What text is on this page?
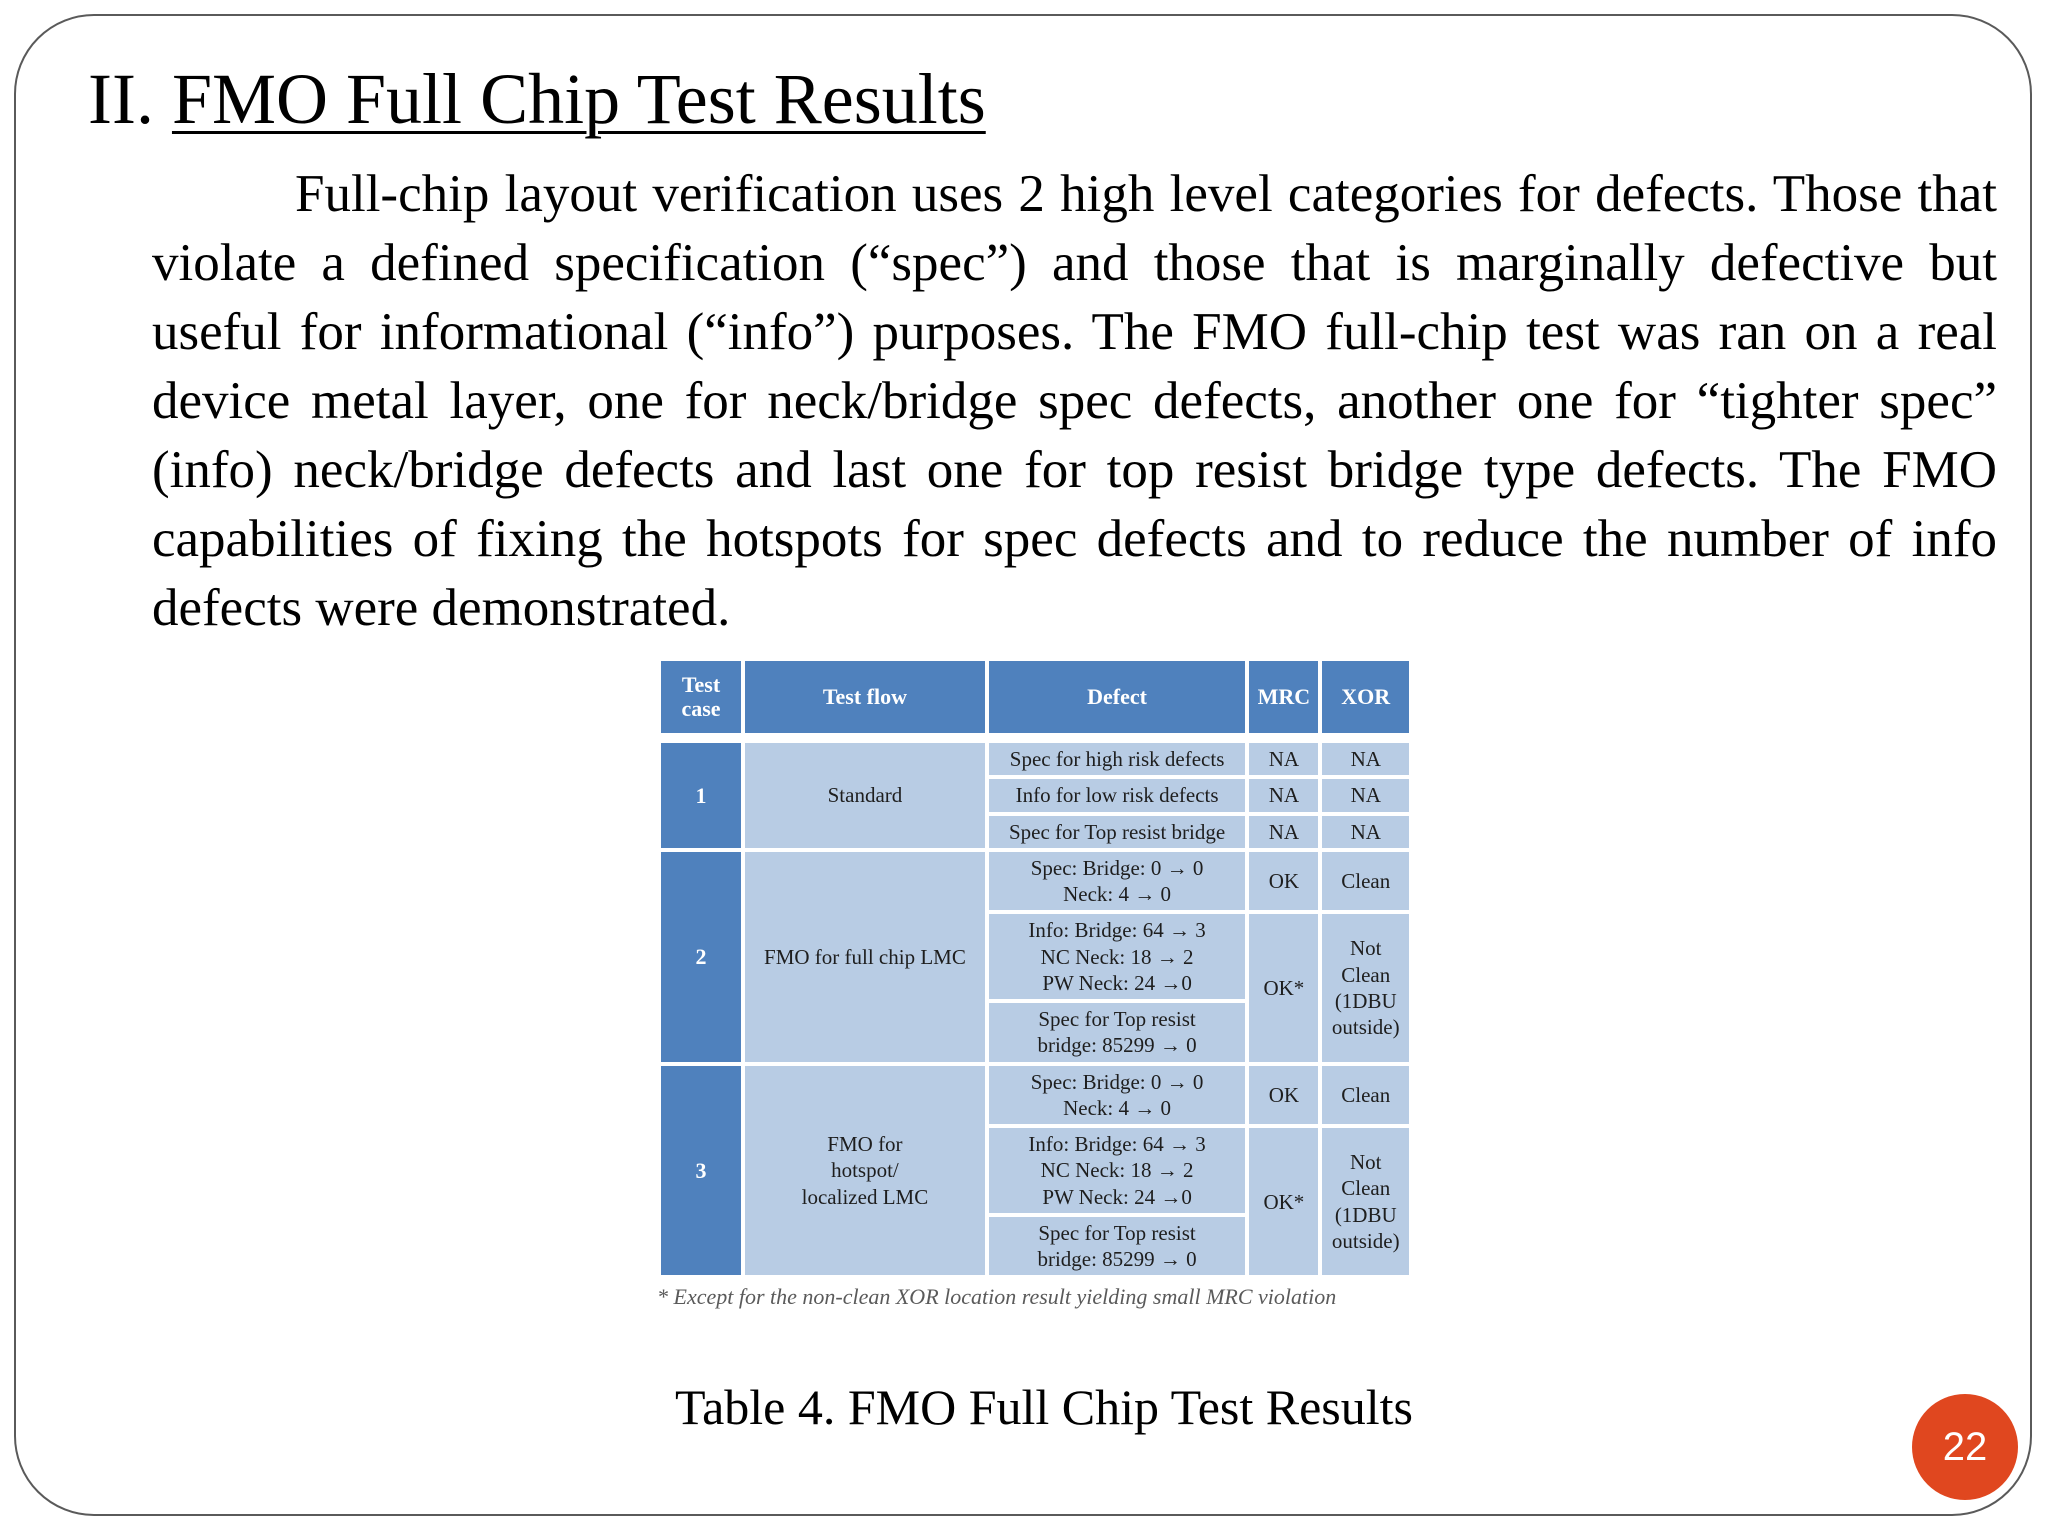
II. FMO Full Chip Test Results

Full-chip layout verification uses 2 high level categories for defects. Those that violate a defined specification (“spec”) and those that is marginally defective but useful for informational (“info”) purposes. The FMO full-chip test was ran on a real device metal layer, one for neck/bridge spec defects, another one for “tighter spec” (info) neck/bridge defects and last one for top resist bridge type defects. The FMO capabilities of fixing the hotspots for spec defects and to reduce the number of info defects were demonstrated.

Test case	Test flow	Defect	MRC	XOR

1	Standard	Spec for high risk defects	NA	NA
		Info for low risk defects	NA	NA
		Spec for Top resist bridge	NA	NA
2	FMO for full chip LMC	Spec: Bridge: 0 → 0
Neck: 4 → 0	OK	Clean
		Info: Bridge: 64 → 3
NC Neck: 18 → 2
PW Neck: 24 →0	OK*	Not
Clean
(1DBU
outside)
		Spec for Top resist
bridge: 85299 → 0		
3	FMO for
hotspot/
localized LMC	Spec: Bridge: 0 → 0
Neck: 4 → 0	OK	Clean
		Info: Bridge: 64 → 3
NC Neck: 18 → 2
PW Neck: 24 →0	OK*	Not
Clean
(1DBU
outside)
		Spec for Top resist
bridge: 85299 → 0		

* Except for the non-clean XOR location result yielding small MRC violation

Table 4. FMO Full Chip Test Results
22
